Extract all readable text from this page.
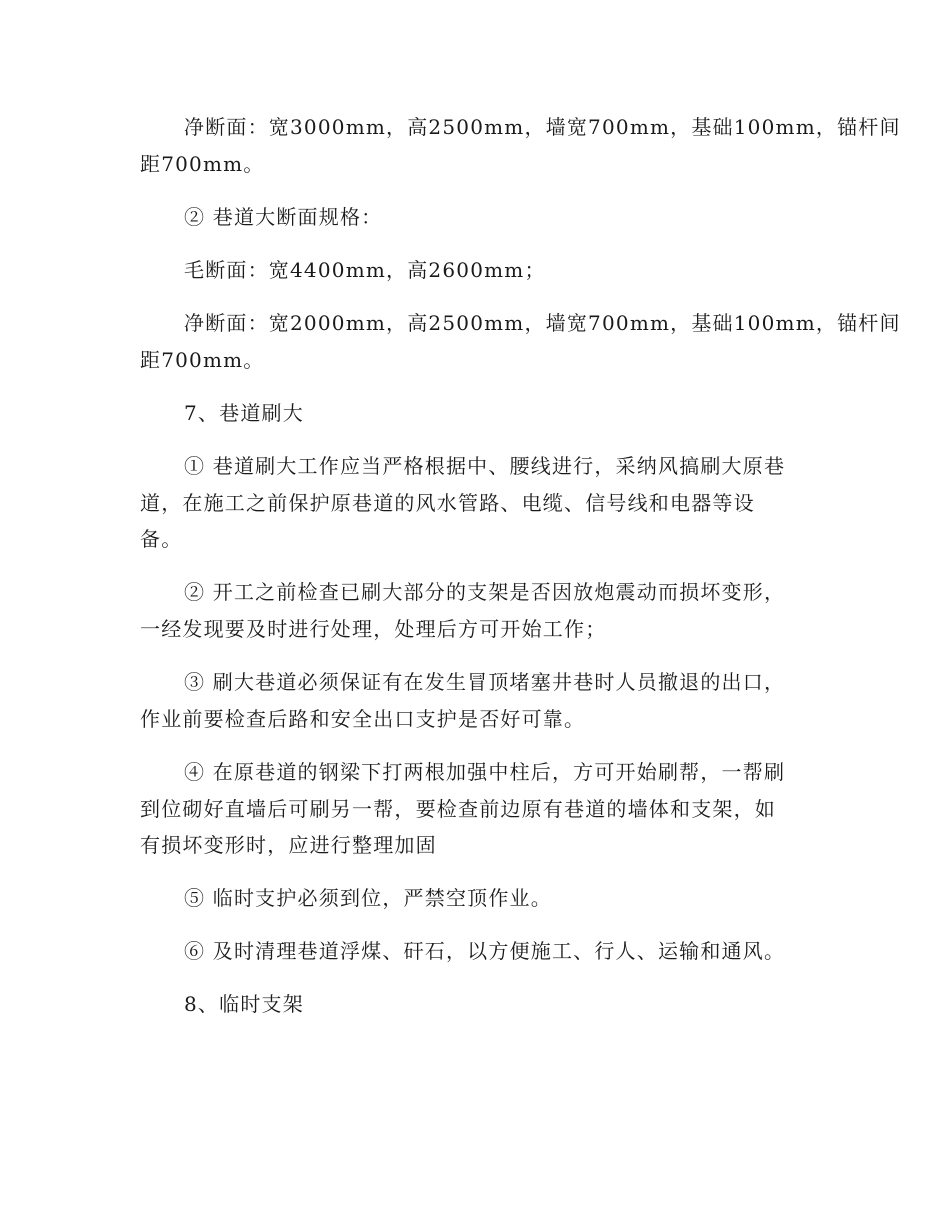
净断面：宽3000mm，高2500mm，墙宽700mm，基础100mm，锚杆间
距700mm。
② 巷道大断面规格：
毛断面：宽4400mm，高2600mm；
净断面：宽2000mm，高2500mm，墙宽700mm，基础100mm，锚杆间
距700mm。
7、巷道刷大
① 巷道刷大工作应当严格根据中、腰线进行，采纳风搞刷大原巷
道，在施工之前保护原巷道的风水管路、电缆、信号线和电器等设
备。
② 开工之前检查已刷大部分的支架是否因放炮震动而损坏变形，
一经发现要及时进行处理，处理后方可开始工作；
③ 刷大巷道必须保证有在发生冒顶堵塞井巷时人员撤退的出口，
作业前要检查后路和安全出口支护是否好可靠。
④ 在原巷道的钢梁下打两根加强中柱后，方可开始刷帮，一帮刷
到位砌好直墙后可刷另一帮，要检查前边原有巷道的墙体和支架，如
有损坏变形时，应进行整理加固
⑤ 临时支护必须到位，严禁空顶作业。
⑥ 及时清理巷道浮煤、矸石，以方便施工、行人、运输和通风。
8、临时支架
